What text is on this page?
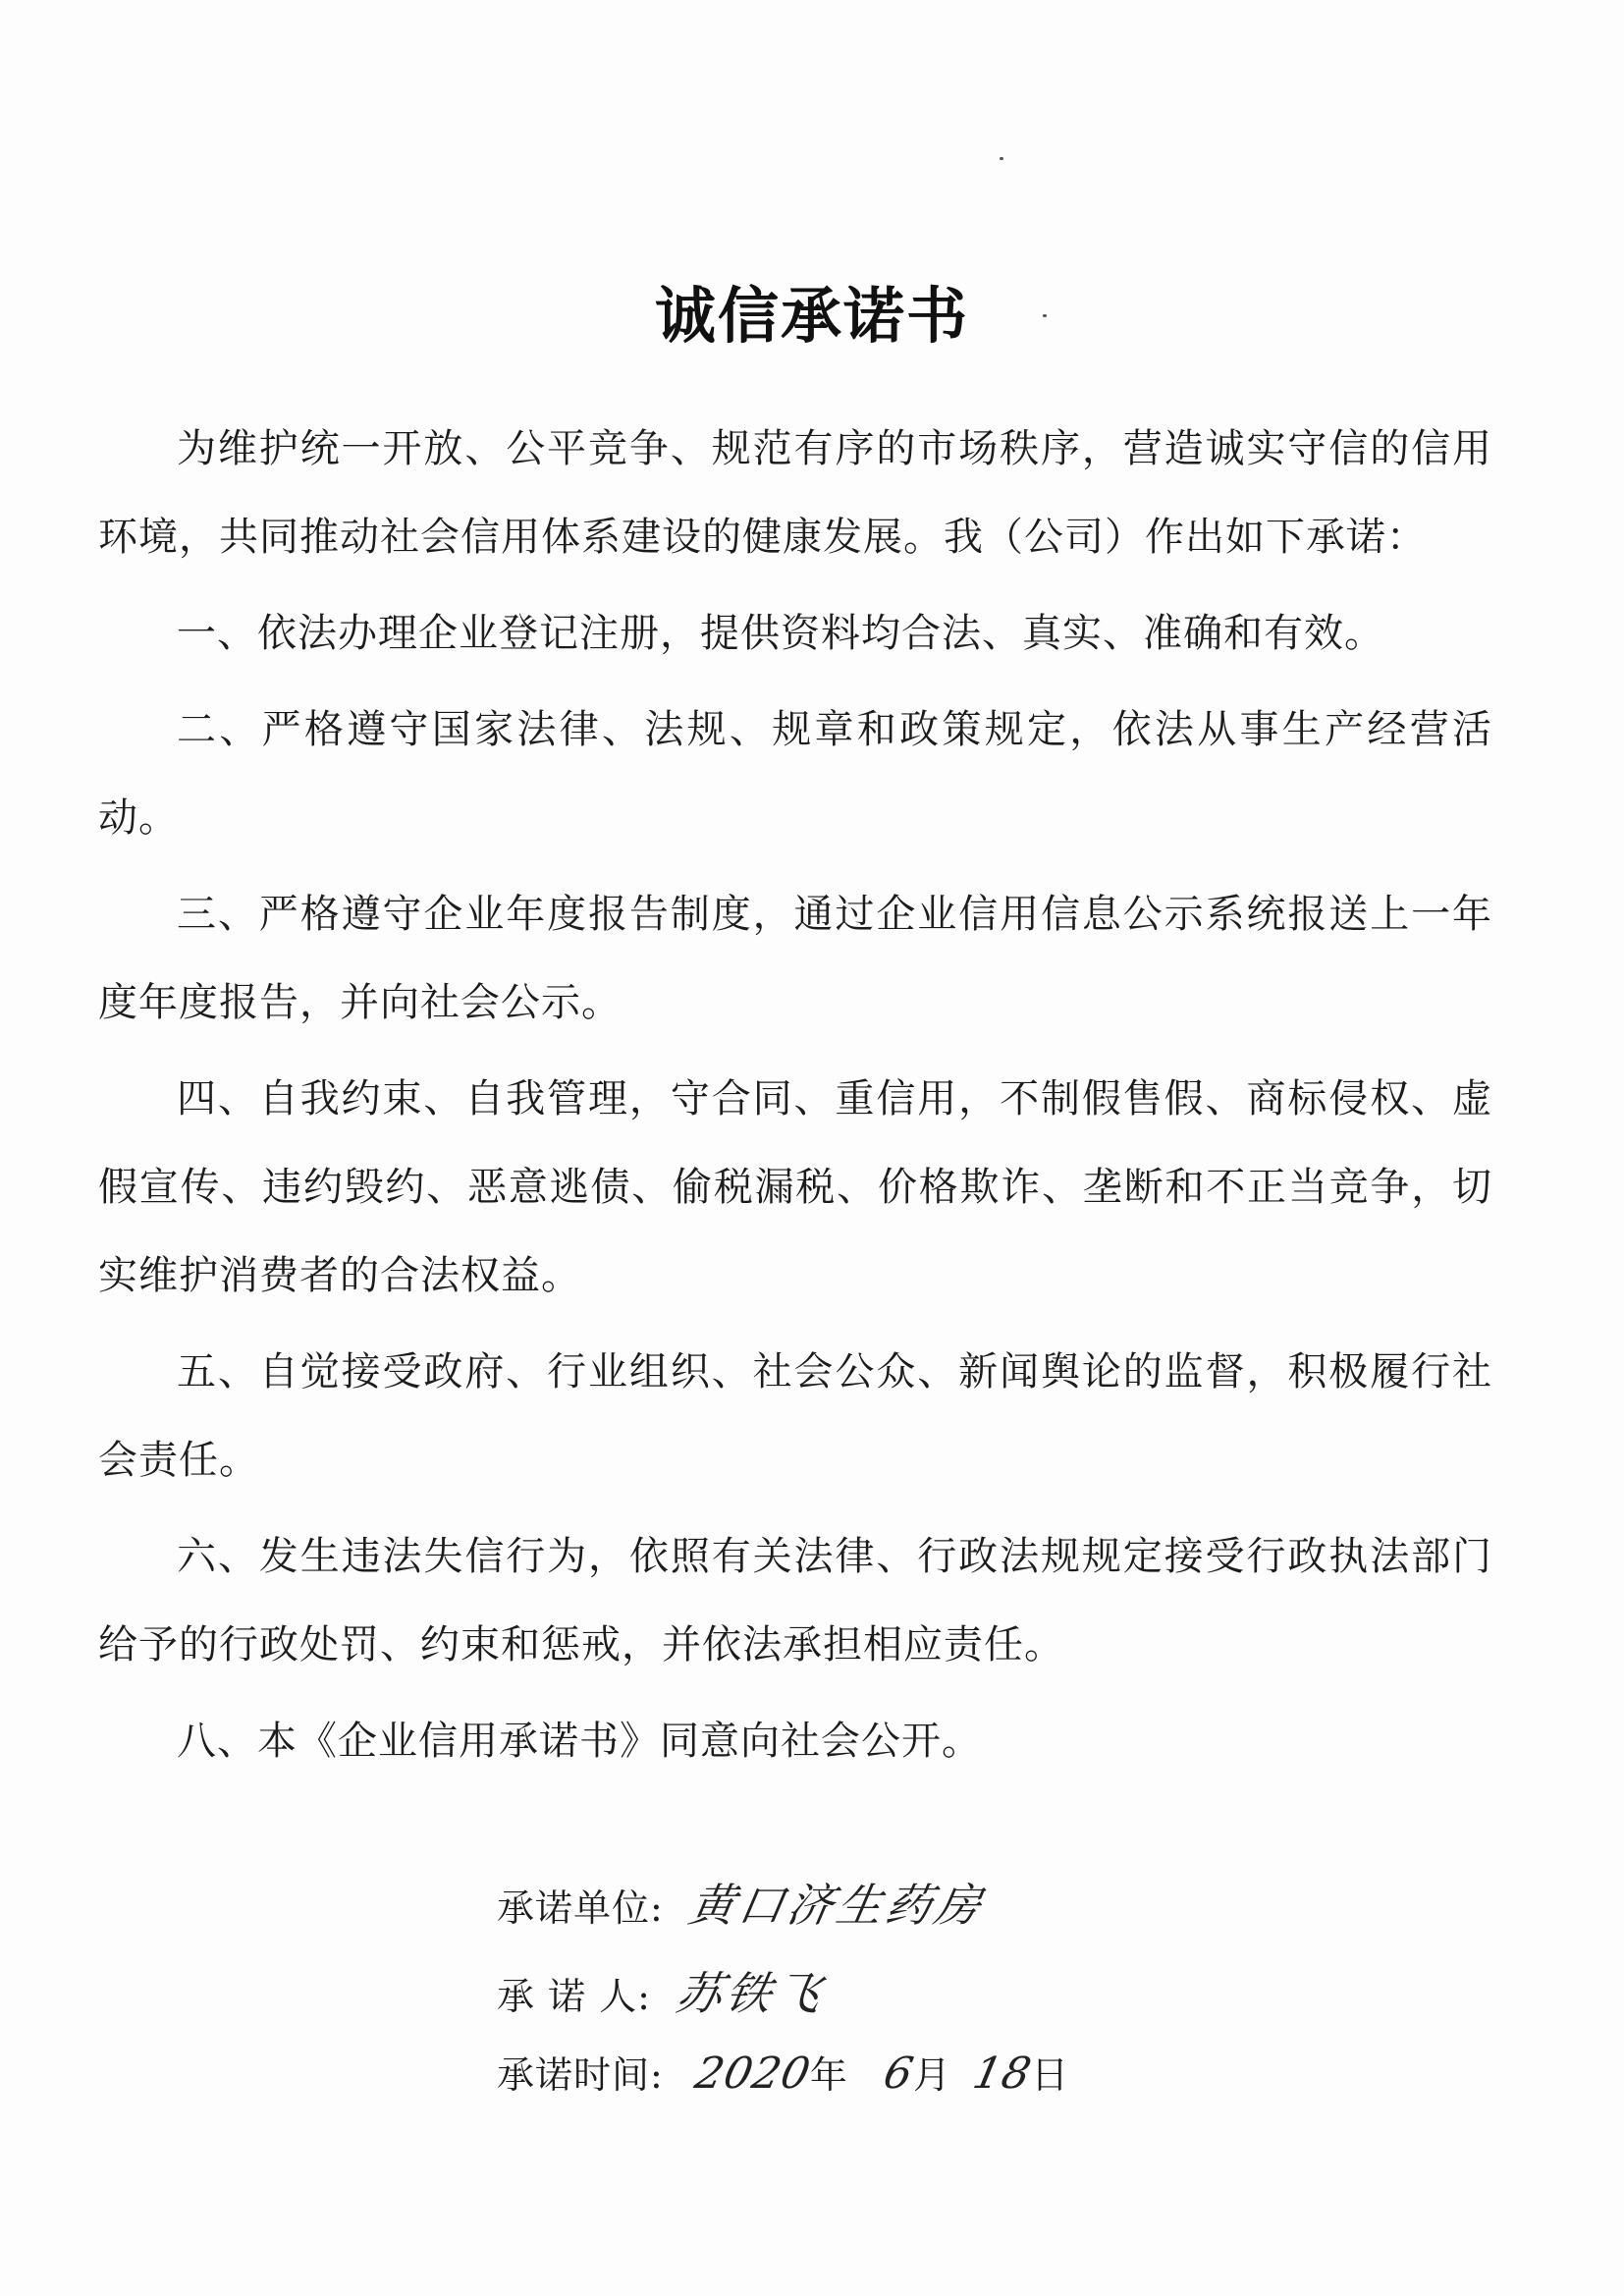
诚信承诺书

为维护统一开放、公平竞争、规范有序的市场秩序，营造诚实守信的信用环境，共同推动社会信用体系建设的健康发展。我（公司）作出如下承诺：

一、依法办理企业登记注册，提供资料均合法、真实、准确和有效。

二、严格遵守国家法律、法规、规章和政策规定，依法从事生产经营活动。

三、严格遵守企业年度报告制度，通过企业信用信息公示系统报送上一年度年度报告，并向社会公示。

四、自我约束、自我管理，守合同、重信用，不制假售假、商标侵权、虚假宣传、违约毁约、恶意逃债、偷税漏税、价格欺诈、垄断和不正当竞争，切实维护消费者的合法权益。

五、自觉接受政府、行业组织、社会公众、新闻舆论的监督，积极履行社会责任。

六、发生违法失信行为，依照有关法律、行政法规规定接受行政执法部门给予的行政处罚、约束和惩戒，并依法承担相应责任。

八、本《企业信用承诺书》同意向社会公开。

承诺单位: 黄口济生药房
承 诺 人: 苏铁飞
承诺时间: 2020年 6月 18日
